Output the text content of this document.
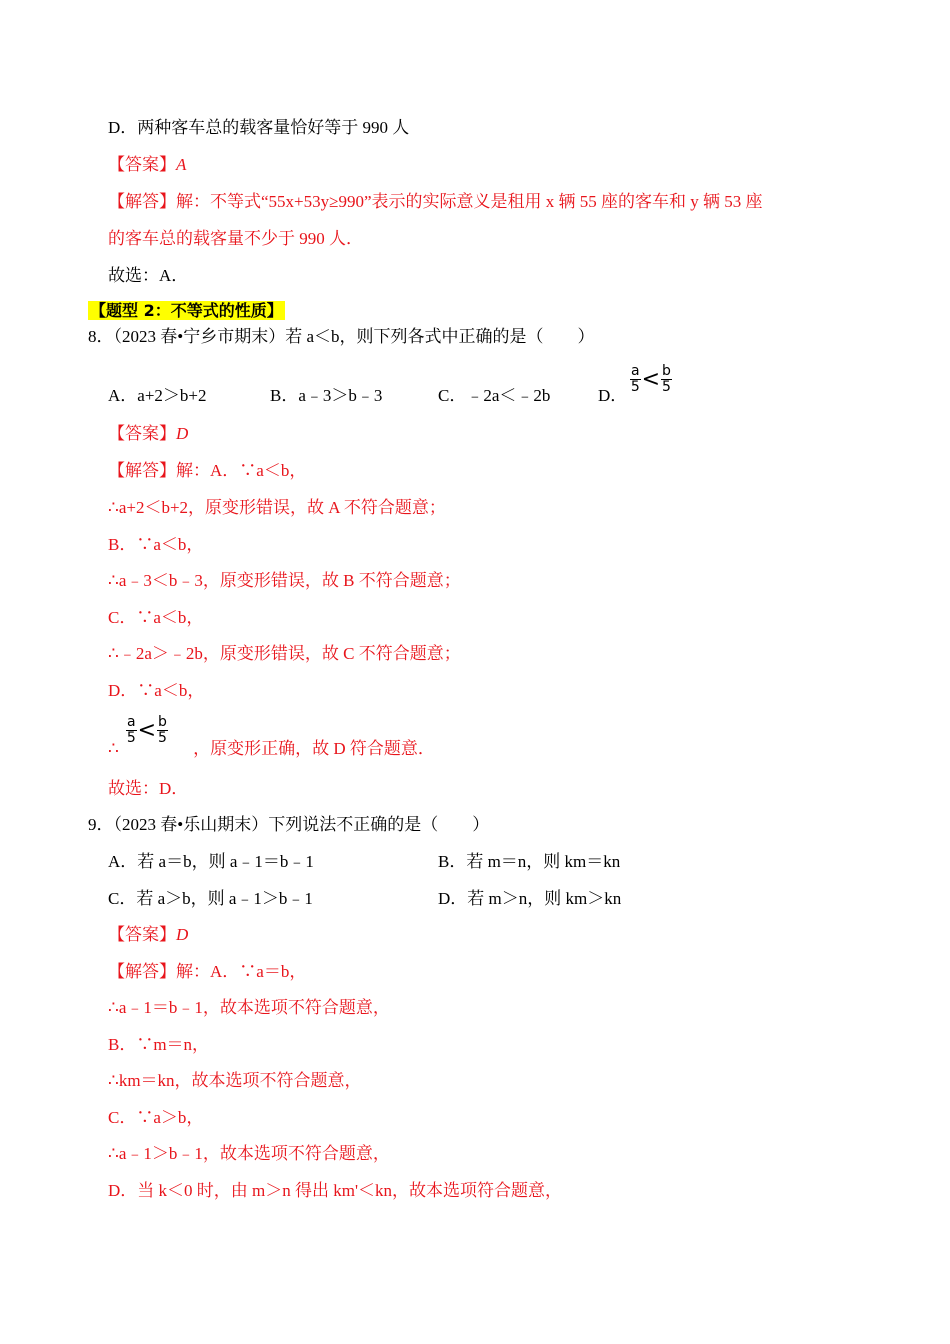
D．两种客车总的载客量恰好等于 990 人
【答案】A
【解答】解：不等式“55x+53y≥990”表示的实际意义是租用 x 辆 55 座的客车和 y 辆 53 座
的客车总的载客量不少于 990 人．
故选：A．
【题型 2：不等式的性质】
8．（2023 春•宁乡市期末）若 a＜b，则下列各式中正确的是（　　）
A．a+2＞b+2	B．a﹣3＞b﹣3	C．﹣2a＜﹣2b	D．
a
5 < b
5
【答案】D
【解答】解：A．∵a＜b，
∴a+2＜b+2，原变形错误，故 A 不符合题意；
B．∵a＜b，
∴a﹣3＜b﹣3，原变形错误，故 B 不符合题意；
C．∵a＜b，
∴﹣2a＞﹣2b，原变形错误，故 C 不符合题意；
D．∵a＜b，
∴
a
5 < b
5
，原变形正确，故 D 符合题意．
故选：D．
9．（2023 春•乐山期末）下列说法不正确的是（　　）
A．若 a＝b，则 a﹣1＝b﹣1	B．若 m＝n，则 km＝kn
C．若 a＞b，则 a﹣1＞b﹣1	D．若 m＞n，则 km＞kn
【答案】D
【解答】解：A．∵a＝b，
∴a﹣1＝b﹣1，故本选项不符合题意，
B．∵m＝n，
∴km＝kn，故本选项不符合题意，
C．∵a＞b，
∴a﹣1＞b﹣1，故本选项不符合题意，
D．当 k＜0 时，由 m＞n 得出 km'＜kn，故本选项符合题意，
